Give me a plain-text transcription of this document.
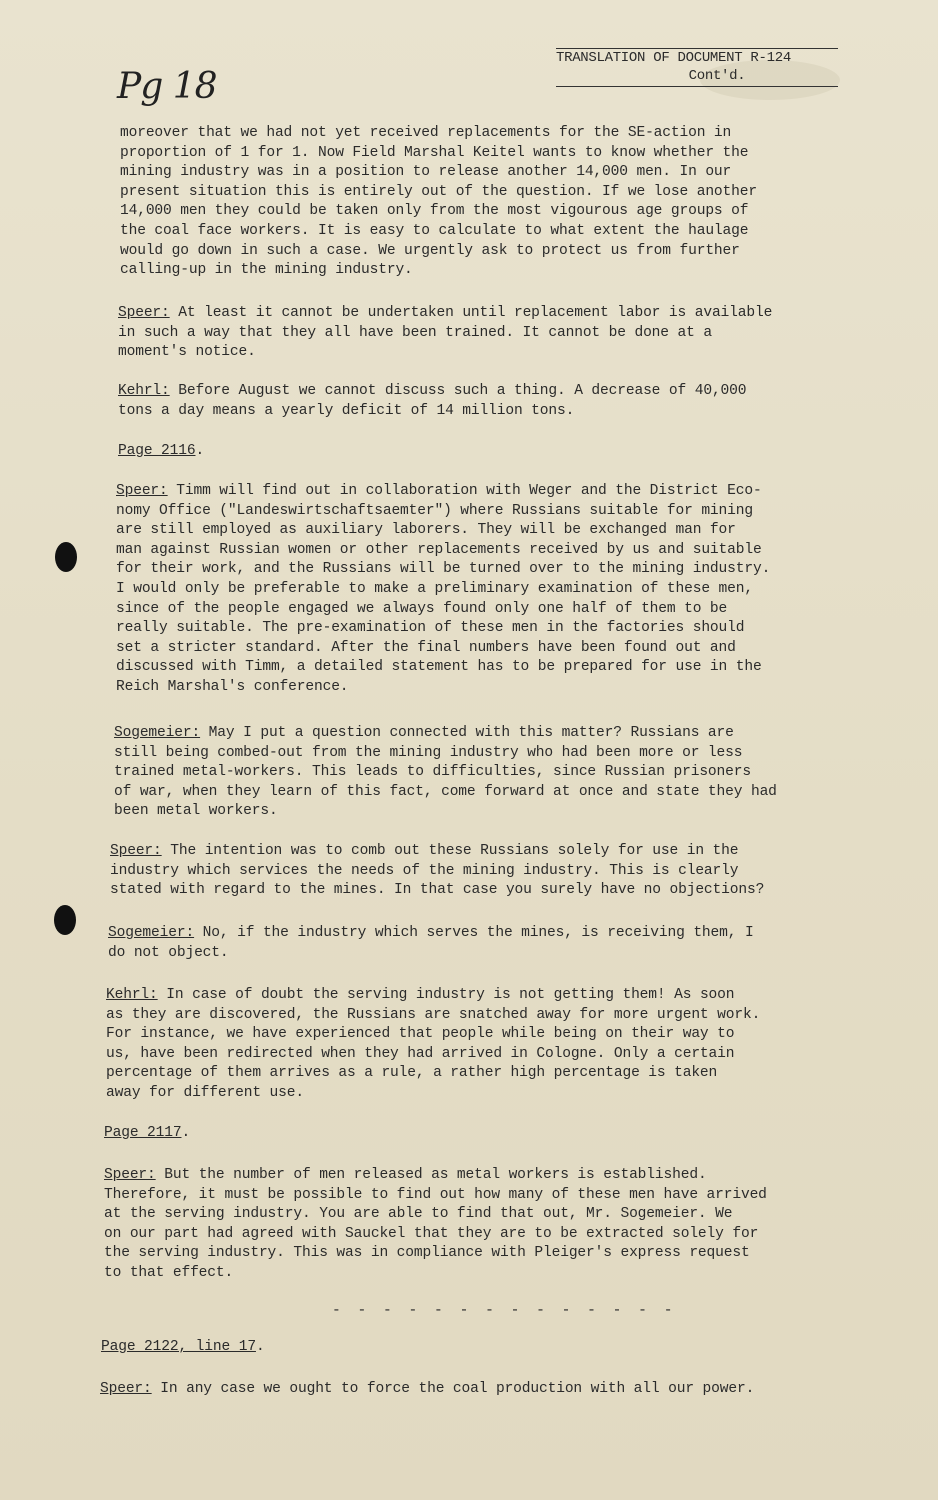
TRANSLATION OF DOCUMENT R-124
Cont'd.
Pg 18

moreover that we had not yet received replacements for the SE-action in
proportion of 1 for 1. Now Field Marshal Keitel wants to know whether the
mining industry was in a position to release another 14,000 men. In our
present situation this is entirely out of the question. If we lose another
14,000 men they could be taken only from the most vigourous age groups of
the coal face workers. It is easy to calculate to what extent the haulage
would go down in such a case. We urgently ask to protect us from further
calling-up in the mining industry.

Speer: At least it cannot be undertaken until replacement labor is available
in such a way that they all have been trained. It cannot be done at a
moment's notice.

Kehrl: Before August we cannot discuss such a thing. A decrease of 40,000
tons a day means a yearly deficit of 14 million tons.

Page 2116.

Speer: Timm will find out in collaboration with Weger and the District Eco-
nomy Office ("Landeswirtschaftsaemter") where Russians suitable for mining
are still employed as auxiliary laborers. They will be exchanged man for
man against Russian women or other replacements received by us and suitable
for their work, and the Russians will be turned over to the mining industry.
I would only be preferable to make a preliminary examination of these men,
since of the people engaged we always found only one half of them to be
really suitable. The pre-examination of these men in the factories should
set a stricter standard. After the final numbers have been found out and
discussed with Timm, a detailed statement has to be prepared for use in the
Reich Marshal's conference.

Sogemeier: May I put a question connected with this matter? Russians are
still being combed-out from the mining industry who had been more or less
trained metal-workers. This leads to difficulties, since Russian prisoners
of war, when they learn of this fact, come forward at once and state they had
been metal workers.

Speer: The intention was to comb out these Russians solely for use in the
industry which services the needs of the mining industry. This is clearly
stated with regard to the mines. In that case you surely have no objections?

Sogemeier: No, if the industry which serves the mines, is receiving them, I
do not object.

Kehrl: In case of doubt the serving industry is not getting them! As soon
as they are discovered, the Russians are snatched away for more urgent work.
For instance, we have experienced that people while being on their way to
us, have been redirected when they had arrived in Cologne. Only a certain
percentage of them arrives as a rule, a rather high percentage is taken
away for different use.

Page 2117.

Speer: But the number of men released as metal workers is established.
Therefore, it must be possible to find out how many of these men have arrived
at the serving industry. You are able to find that out, Mr. Sogemeier. We
on our part had agreed with Sauckel that they are to be extracted solely for
the serving industry. This was in compliance with Pleiger's express request
to that effect.

- - - - - - - - - - - - - -

Page 2122, line 17.

Speer: In any case we ought to force the coal production with all our power.
